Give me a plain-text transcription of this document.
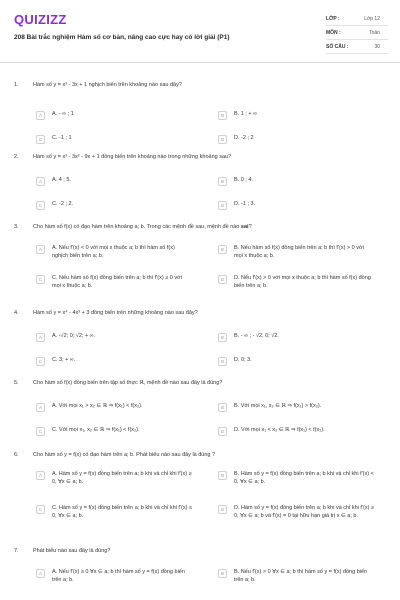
QUIZIZZ
208 Bài trắc nghiệm Hàm số cơ bản, nâng cao cực hay có lời giải (P1)
LỚP :	Lớp 12
MÔN :	Toán
SỐ CÂU :	30
1.	Hàm số y = x³ - 3x + 1 nghịch biến trên khoảng nào sau đây?
A	A. - ∞ ; 1	B	B. 1 ; + ∞
C	C. -1 ; 1	D	D. -2 ; 2
2.	Hàm số y = x³ - 3x² - 9x + 1 đồng biến trên khoảng nào trong những khoảng sau?
A	A. 4 ; 5.	B	B. 0 ; 4.
C	C. -2 ; 2.	D	D. -1 ; 3.
3.	Cho hàm số f(x) có đạo hàm trên khoảng a; b. Trong các mệnh đề sau, mệnh đề nào sai?
A	A. Nếu f'(x) < 0 với mọi x thuộc a; b thì hàm số f(x) nghịch biến trên a; b.
B	B. Nếu hàm số f(x) đồng biến trên a; b thì f'(x) > 0 với mọi x thuộc a; b.
C	C. Nếu hàm số f(x) đồng biến trên a; b thì f'(x) ≥ 0 với mọi x thuộc a; b.
D	D. Nếu f'(x) > 0 với mọi x thuộc a; b thì hàm số f(x) đồng biến trên a; b.
4.	Hàm số y = x⁴ - 4x³ + 3 đồng biến trên những khoảng nào sau đây?
A	A. -√2; 0; √2; + ∞.	B	B. - ∞ ; - √2, 0; √2.
C	C. 3; + ∞.	D	D. 0; 3.
5.	Cho hàm số f(x) đồng biến trên tập số thực ℝ, mệnh đề nào sau đây là đúng?
A	A. Với mọi x₁ > x₂ ∈ ℝ ⇒ f(x₁) < f(x₂).	B	B. Với mọi x₁, x₂ ∈ ℝ ⇒ f(x₁) > f(x₂).
C	C. Với mọi x₁, x₂ ∈ ℝ ⇒ f(x₁) < f(x₂).	D	D. Với mọi x₁ < x₂ ∈ ℝ ⇒ f(x₁) < f(x₂).
6.	Cho hàm số y = f(x) có đạo hàm trên a; b. Phát biểu nào sau đây là đúng ?
A	A. Hàm số y = f(x) đồng biến trên a; b khi và chỉ khi f'(x) ≥ 0, ∀x ∈ a; b.
B	B. Hàm số y = f(x) đồng biến trên a; b khi và chỉ khi f'(x) < 0, ∀x ∈ a; b.
C	C. Hàm số y = f(x) đồng biến trên a; b khi và chỉ khi f'(x) ≤ 0, ∀x ∈ a; b.
D	D. Hàm số y = f(x) đồng biến trên a; b khi và chỉ khi f'(x) ≥ 0, ∀x ∈ a; b và f'(x) = 0 tại hữu hạn giá trị x ∈ a; b.
7.	Phát biểu nào sau đây là đúng?
A	A. Nếu f'(x) ≥ 0 ∀x ∈ a; b thì hàm số y = f(x) đồng biến trên a; b.
B	B. Nếu f'(x) > 0 ∀x ∈ a; b thì hàm số y = f(x) đồng biến trên a; b.
